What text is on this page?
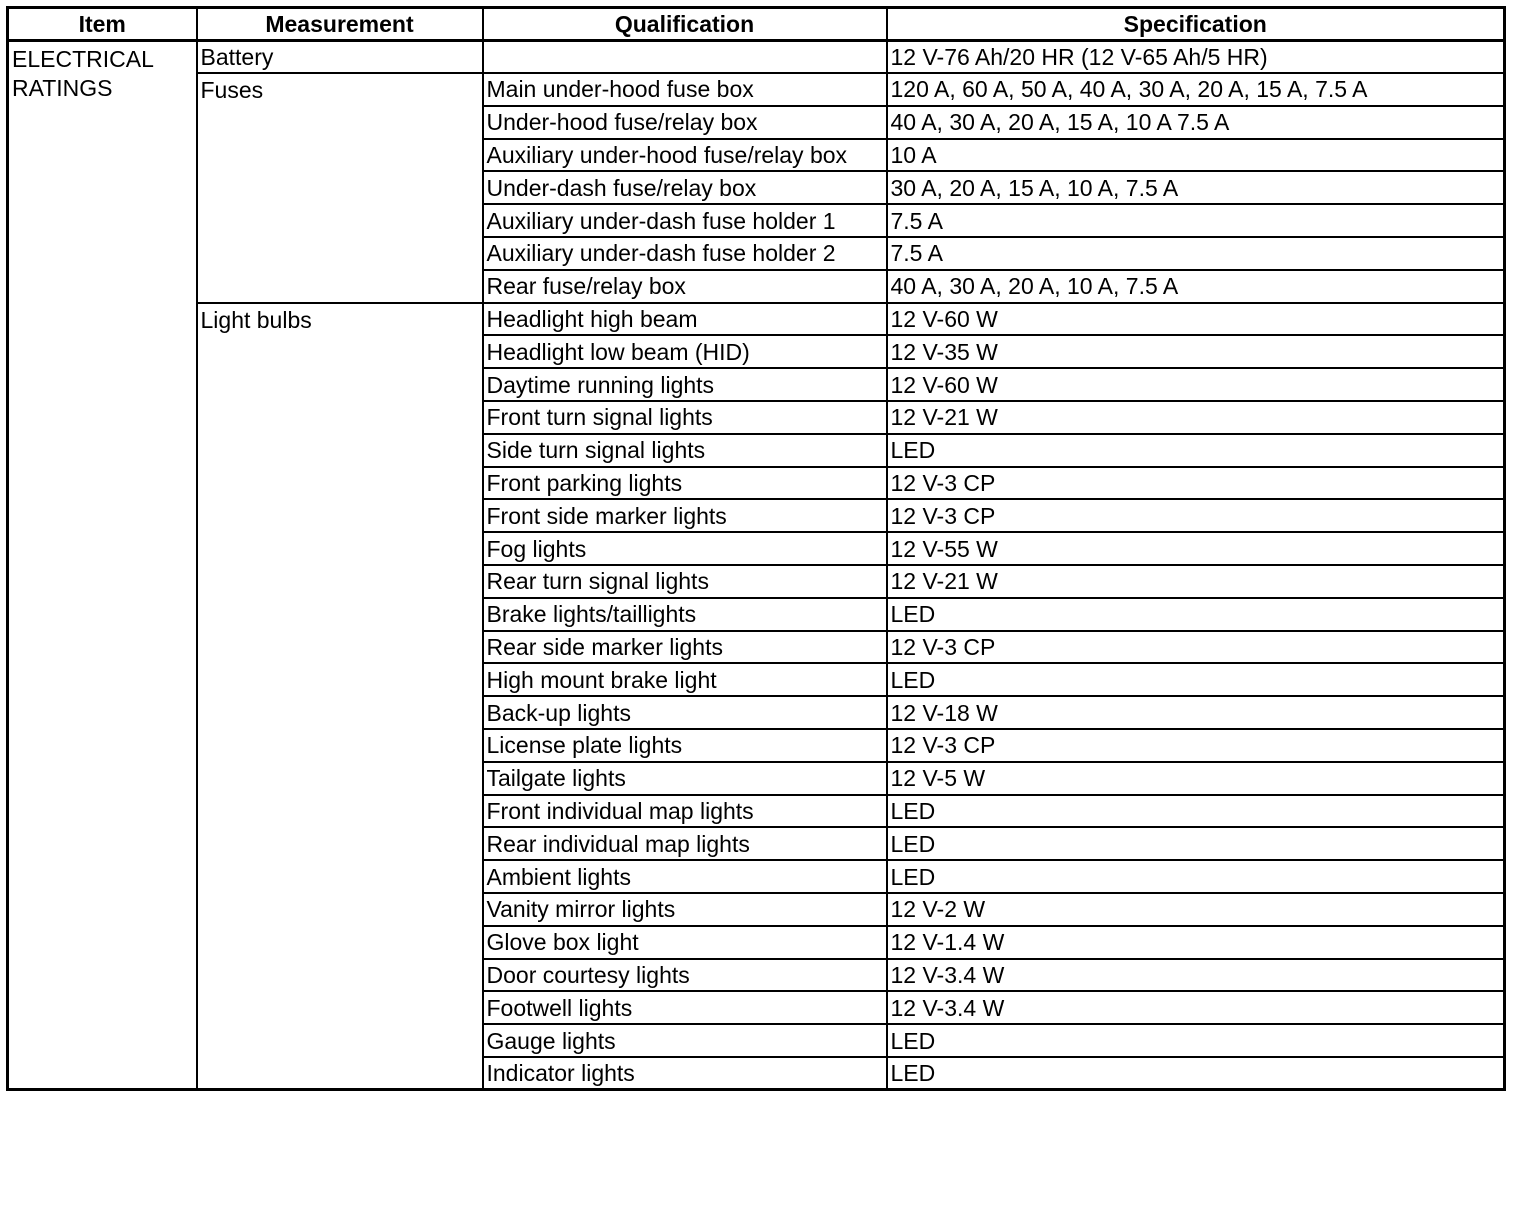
Item	Measurement	Qualification	Specification
ELECTRICAL RATINGS	Battery		12 V-76 Ah/20 HR (12 V-65 Ah/5 HR)
	Fuses	Main under-hood fuse box	120 A, 60 A, 50 A, 40 A, 30 A, 20 A, 15 A, 7.5 A
		Under-hood fuse/relay box	40 A, 30 A, 20 A, 15 A, 10 A 7.5 A
		Auxiliary under-hood fuse/relay box	10 A
		Under-dash fuse/relay box	30 A, 20 A, 15 A, 10 A, 7.5 A
		Auxiliary under-dash fuse holder 1	7.5 A
		Auxiliary under-dash fuse holder 2	7.5 A
		Rear fuse/relay box	40 A, 30 A, 20 A, 10 A, 7.5 A
	Light bulbs	Headlight high beam	12 V-60 W
		Headlight low beam (HID)	12 V-35 W
		Daytime running lights	12 V-60 W
		Front turn signal lights	12 V-21 W
		Side turn signal lights	LED
		Front parking lights	12 V-3 CP
		Front side marker lights	12 V-3 CP
		Fog lights	12 V-55 W
		Rear turn signal lights	12 V-21 W
		Brake lights/taillights	LED
		Rear side marker lights	12 V-3 CP
		High mount brake light	LED
		Back-up lights	12 V-18 W
		License plate lights	12 V-3 CP
		Tailgate lights	12 V-5 W
		Front individual map lights	LED
		Rear individual map lights	LED
		Ambient lights	LED
		Vanity mirror lights	12 V-2 W
		Glove box light	12 V-1.4 W
		Door courtesy lights	12 V-3.4 W
		Footwell lights	12 V-3.4 W
		Gauge lights	LED
		Indicator lights	LED
